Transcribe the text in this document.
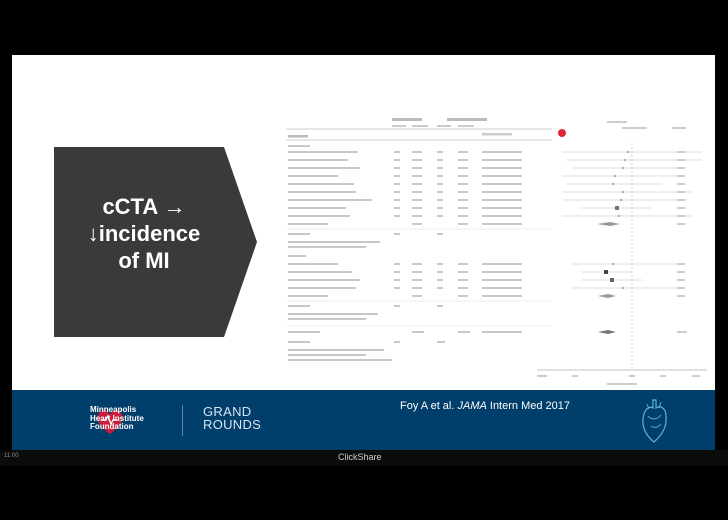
cCTA →
↓incidence
of MI
Minneapolis
Heart Institute
Foundation
GRAND
ROUNDS
Foy A et al. JAMA Intern Med 2017
11:00	ClickShare
